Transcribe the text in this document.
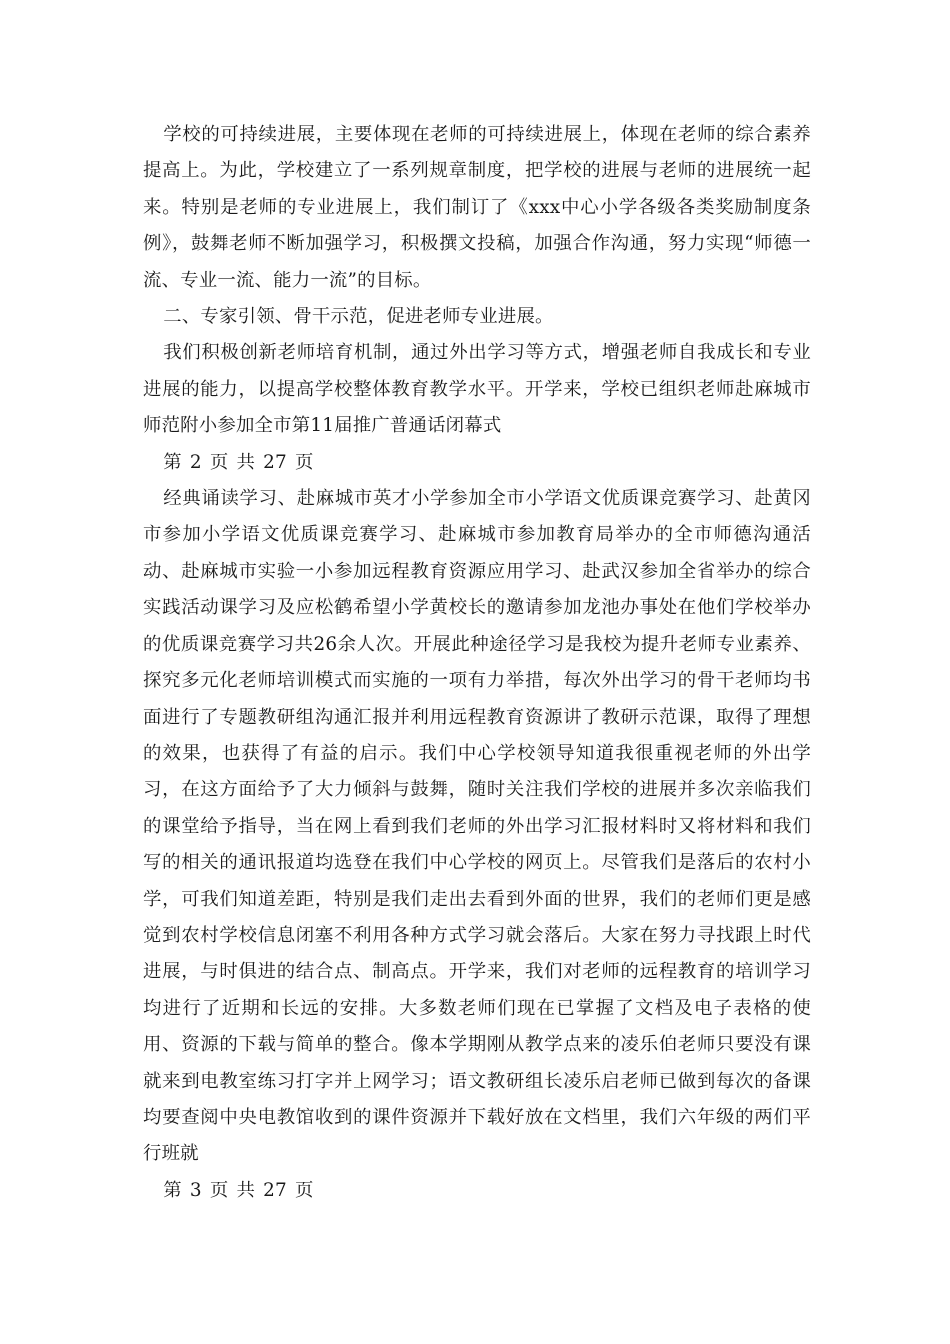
学校的可持续进展，主要体现在老师的可持续进展上，体现在老师的综合素养提高上。为此，学校建立了一系列规章制度，把学校的进展与老师的进展统一起来。特别是老师的专业进展上，我们制订了《xxx中心小学各级各类奖励制度条例》，鼓舞老师不断加强学习，积极撰文投稿，加强合作沟通，努力实现“师德一流、专业一流、能力一流”的目标。

二、专家引领、骨干示范，促进老师专业进展。

我们积极创新老师培育机制，通过外出学习等方式，增强老师自我成长和专业进展的能力，以提高学校整体教育教学水平。开学来，学校已组织老师赴麻城市师范附小参加全市第11届推广普通话闭幕式

第 2 页 共 27 页

经典诵读学习、赴麻城市英才小学参加全市小学语文优质课竞赛学习、赴黄冈市参加小学语文优质课竞赛学习、赴麻城市参加教育局举办的全市师德沟通活动、赴麻城市实验一小参加远程教育资源应用学习、赴武汉参加全省举办的综合实践活动课学习及应松鹤希望小学黄校长的邀请参加龙池办事处在他们学校举办的优质课竞赛学习共26余人次。开展此种途径学习是我校为提升老师专业素养、探究多元化老师培训模式而实施的一项有力举措，每次外出学习的骨干老师均书面进行了专题教研组沟通汇报并利用远程教育资源讲了教研示范课，取得了理想的效果，也获得了有益的启示。我们中心学校领导知道我很重视老师的外出学习，在这方面给予了大力倾斜与鼓舞，随时关注我们学校的进展并多次亲临我们的课堂给予指导，当在网上看到我们老师的外出学习汇报材料时又将材料和我们写的相关的通讯报道均选登在我们中心学校的网页上。尽管我们是落后的农村小学，可我们知道差距，特别是我们走出去看到外面的世界，我们的老师们更是感觉到农村学校信息闭塞不利用各种方式学习就会落后。大家在努力寻找跟上时代进展，与时俱进的结合点、制高点。开学来，我们对老师的远程教育的培训学习均进行了近期和长远的安排。大多数老师们现在已掌握了文档及电子表格的使用、资源的下载与简单的整合。像本学期刚从教学点来的凌乐伯老师只要没有课就来到电教室练习打字并上网学习；语文教研组长凌乐启老师已做到每次的备课均要查阅中央电教馆收到的课件资源并下载好放在文档里，我们六年级的两们平行班就

第 3 页 共 27 页
